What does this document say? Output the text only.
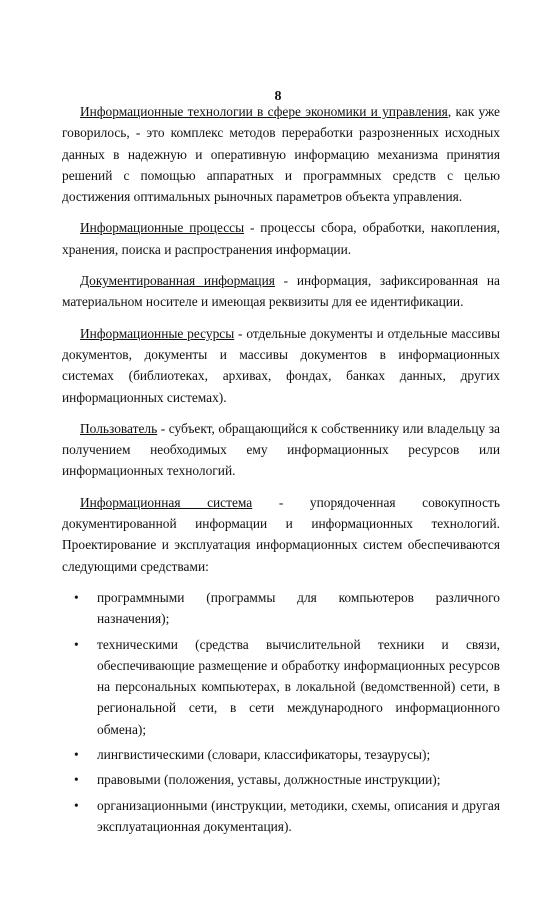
8

Информационные технологии в сфере экономики и управления, как уже говорилось, - это комплекс методов переработки разрозненных исходных данных в надежную и оперативную информацию механизма принятия решений с помощью аппаратных и программных средств с целью достижения оптимальных рыночных параметров объекта управления.

Информационные процессы - процессы сбора, обработки, накопления, хранения, поиска и распространения информации.

Документированная информация - информация, зафиксированная на материальном носителе и имеющая реквизиты для ее идентификации.

Информационные ресурсы - отдельные документы и отдельные массивы документов, документы и массивы документов в информационных системах (библиотеках, архивах, фондах, банках данных, других информационных системах).

Пользователь - субъект, обращающийся к собственнику или владельцу за получением необходимых ему информационных ресурсов или информационных технологий.

Информационная система - упорядоченная совокупность документированной информации и информационных технологий. Проектирование и эксплуатация информационных систем обеспечиваются следующими средствами:

• программными (программы для компьютеров различного назначения);
• техническими (средства вычислительной техники и связи, обеспечивающие размещение и обработку информационных ресурсов на персональных компьютерах, в локальной (ведомственной) сети, в региональной сети, в сети международного информационного обмена);
• лингвистическими (словари, классификаторы, тезаурусы);
• правовыми (положения, уставы, должностные инструкции);
• организационными (инструкции, методики, схемы, описания и другая эксплуатационная документация).
